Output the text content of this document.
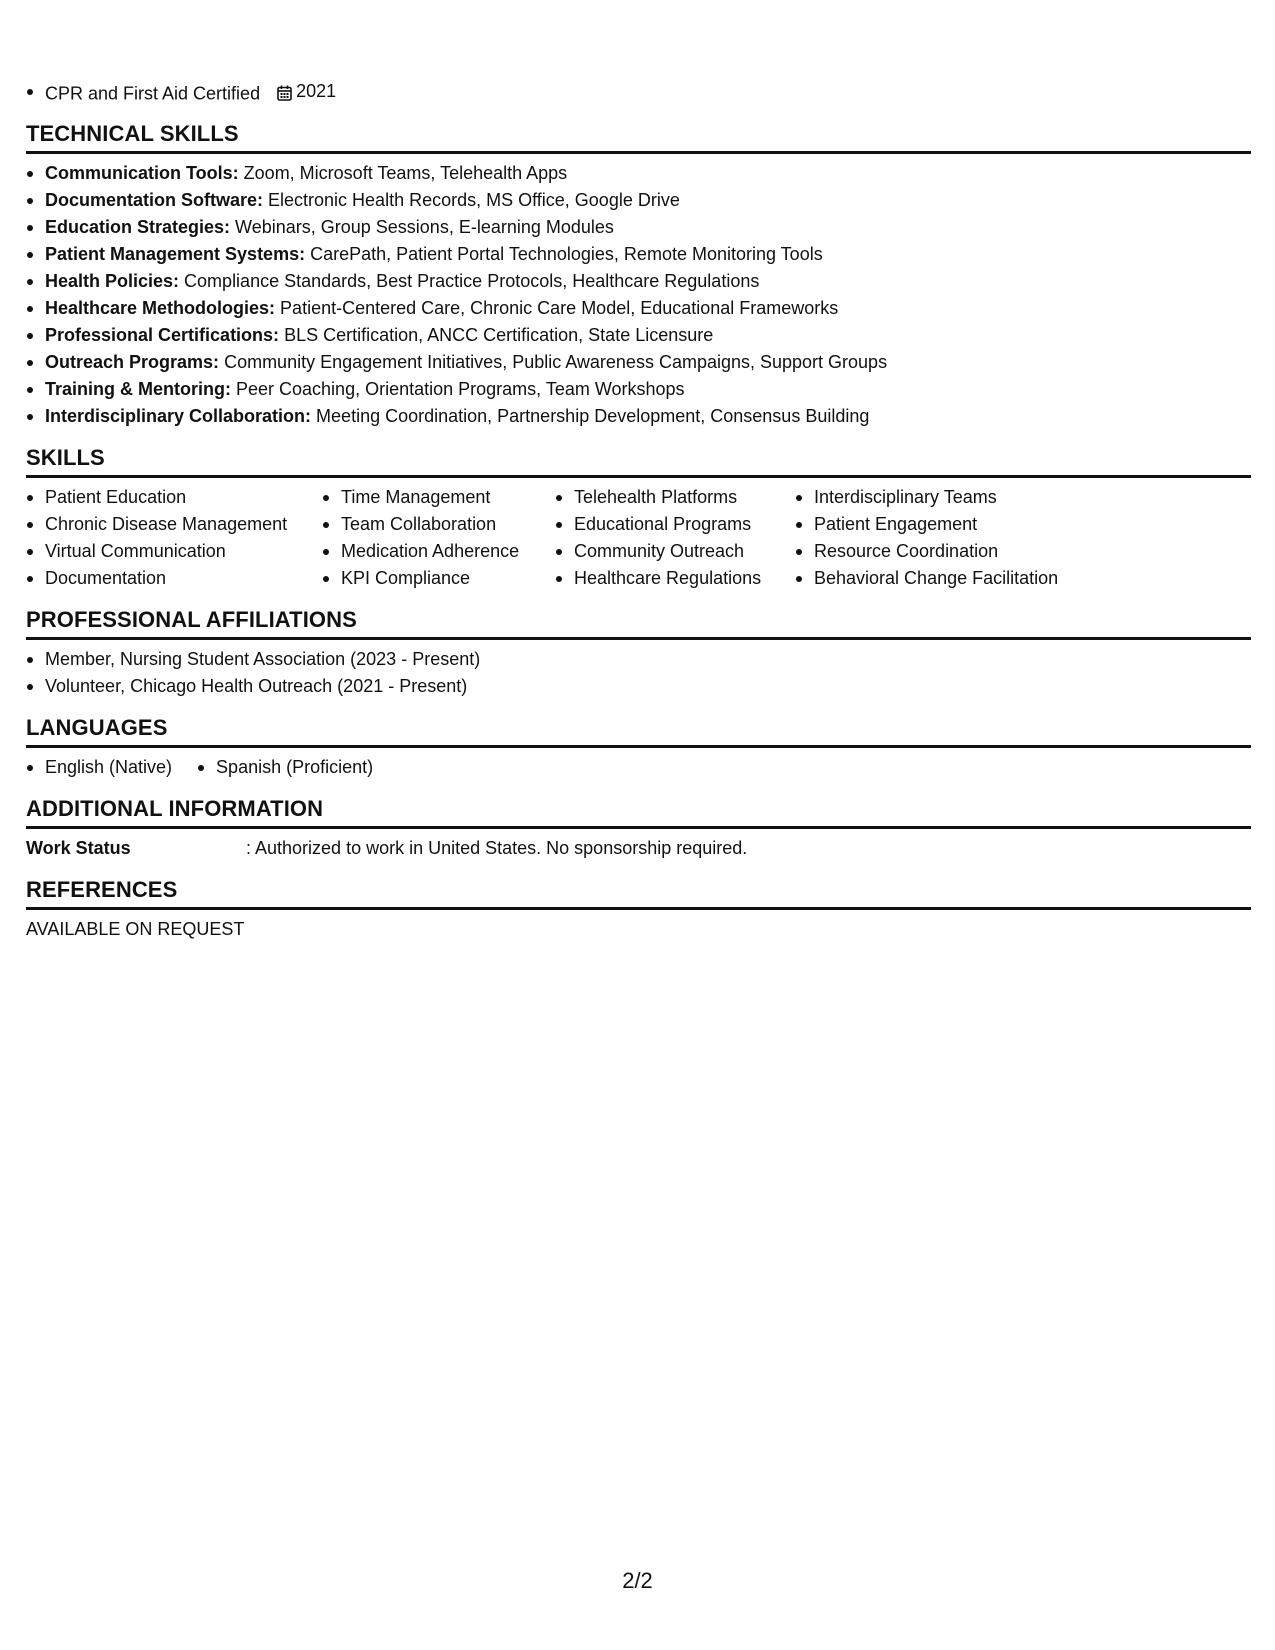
CPR and First Aid Certified 2021
TECHNICAL SKILLS
Communication Tools: Zoom, Microsoft Teams, Telehealth Apps
Documentation Software: Electronic Health Records, MS Office, Google Drive
Education Strategies: Webinars, Group Sessions, E-learning Modules
Patient Management Systems: CarePath, Patient Portal Technologies, Remote Monitoring Tools
Health Policies: Compliance Standards, Best Practice Protocols, Healthcare Regulations
Healthcare Methodologies: Patient-Centered Care, Chronic Care Model, Educational Frameworks
Professional Certifications: BLS Certification, ANCC Certification, State Licensure
Outreach Programs: Community Engagement Initiatives, Public Awareness Campaigns, Support Groups
Training & Mentoring: Peer Coaching, Orientation Programs, Team Workshops
Interdisciplinary Collaboration: Meeting Coordination, Partnership Development, Consensus Building
SKILLS
Patient Education
Chronic Disease Management
Virtual Communication
Documentation
Time Management
Team Collaboration
Medication Adherence
KPI Compliance
Telehealth Platforms
Educational Programs
Community Outreach
Healthcare Regulations
Interdisciplinary Teams
Patient Engagement
Resource Coordination
Behavioral Change Facilitation
PROFESSIONAL AFFILIATIONS
Member, Nursing Student Association (2023 - Present)
Volunteer, Chicago Health Outreach (2021 - Present)
LANGUAGES
English (Native) Spanish (Proficient)
ADDITIONAL INFORMATION
Work Status	: Authorized to work in United States. No sponsorship required.
REFERENCES
AVAILABLE ON REQUEST
2/2
